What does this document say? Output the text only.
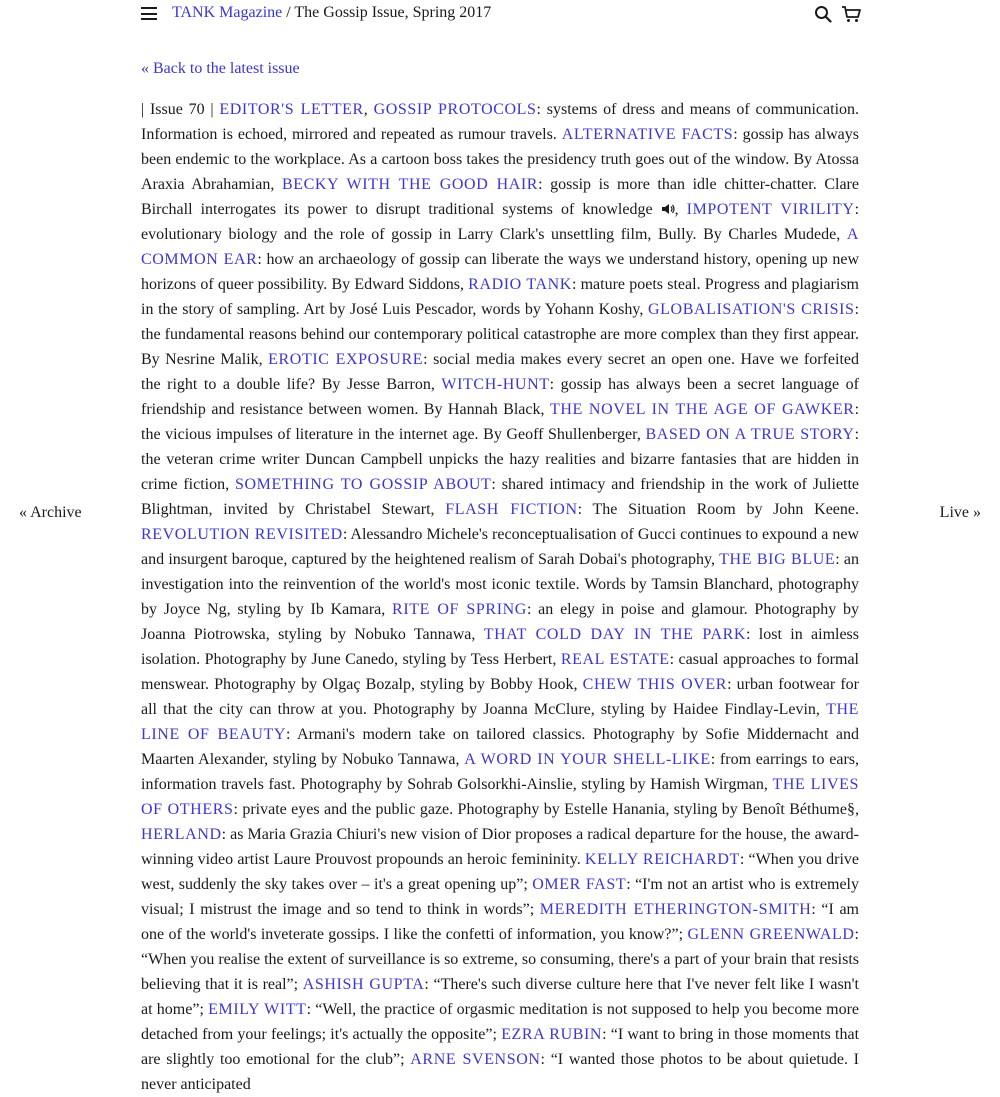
TANK Magazine / The Gossip Issue, Spring 2017
« Back to the latest issue
« Archive	Live »
| Issue 70 | EDITOR'S LETTER, GOSSIP PROTOCOLS: systems of dress and means of communication. Information is echoed, mirrored and repeated as rumour travels. ALTERNATIVE FACTS: gossip has always been endemic to the workplace. As a cartoon boss takes the presidency truth goes out of the window. By Atossa Araxia Abrahamian, BECKY WITH THE GOOD HAIR: gossip is more than idle chitter-chatter. Clare Birchall interrogates its power to disrupt traditional systems of knowledge , IMPOTENT VIRILITY: evolutionary biology and the role of gossip in Larry Clark's unsettling film, Bully. By Charles Mudede, A COMMON EAR: how an archaeology of gossip can liberate the ways we understand history, opening up new horizons of queer possibility. By Edward Siddons, RADIO TANK: mature poets steal. Progress and plagiarism in the story of sampling. Art by José Luis Pescador, words by Yohann Koshy, GLOBALISATION'S CRISIS: the fundamental reasons behind our contemporary political catastrophe are more complex than they first appear. By Nesrine Malik, EROTIC EXPOSURE: social media makes every secret an open one. Have we forfeited the right to a double life? By Jesse Barron, WITCH-HUNT: gossip has always been a secret language of friendship and resistance between women. By Hannah Black, THE NOVEL IN THE AGE OF GAWKER: the vicious impulses of literature in the internet age. By Geoff Shullenberger, BASED ON A TRUE STORY: the veteran crime writer Duncan Campbell unpicks the hazy realities and bizarre fantasies that are hidden in crime fiction, SOMETHING TO GOSSIP ABOUT: shared intimacy and friendship in the work of Juliette Blightman, invited by Christabel Stewart, FLASH FICTION: The Situation Room by John Keene. REVOLUTION REVISITED: Alessandro Michele's reconceptualisation of Gucci continues to expound a new and insurgent baroque, captured by the heightened realism of Sarah Dobai's photography, THE BIG BLUE: an investigation into the reinvention of the world's most iconic textile. Words by Tamsin Blanchard, photography by Joyce Ng, styling by Ib Kamara, RITE OF SPRING: an elegy in poise and glamour. Photography by Joanna Piotrowska, styling by Nobuko Tannawa, THAT COLD DAY IN THE PARK: lost in aimless isolation. Photography by June Canedo, styling by Tess Herbert, REAL ESTATE: casual approaches to formal menswear. Photography by Olgaç Bozalp, styling by Bobby Hook, CHEW THIS OVER: urban footwear for all that the city can throw at you. Photography by Joanna McClure, styling by Haidee Findlay-Levin, THE LINE OF BEAUTY: Armani's modern take on tailored classics. Photography by Sofie Middernacht and Maarten Alexander, styling by Nobuko Tannawa, A WORD IN YOUR SHELL-LIKE: from earrings to ears, information travels fast. Photography by Sohrab Golsorkhi-Ainslie, styling by Hamish Wirgman, THE LIVES OF OTHERS: private eyes and the public gaze. Photography by Estelle Hanania, styling by Benoît Béthume§, HERLAND: as Maria Grazia Chiuri's new vision of Dior proposes a radical departure for the house, the award-winning video artist Laure Prouvost propounds an heroic femininity. KELLY REICHARDT: “When you drive west, suddenly the sky takes over – it's a great opening up”; OMER FAST: “I'm not an artist who is extremely visual; I mistrust the image and so tend to think in words”; MEREDITH ETHERINGTON-SMITH: “I am one of the world's inveterate gossips. I like the confetti of information, you know?”; GLENN GREENWALD: “When you realise the extent of surveillance is so extreme, so consuming, there's a part of your brain that resists believing that it is real”; ASHISH GUPTA: “There's such diverse culture here that I've never felt like I wasn't at home”; EMILY WITT: “Well, the practice of orgasmic meditation is not supposed to help you become more detached from your feelings; it's actually the opposite”; EZRA RUBIN: “I want to bring in those moments that are slightly too emotional for the club”; ARNE SVENSON: “I wanted those photos to be about quietude. I never anticipated
